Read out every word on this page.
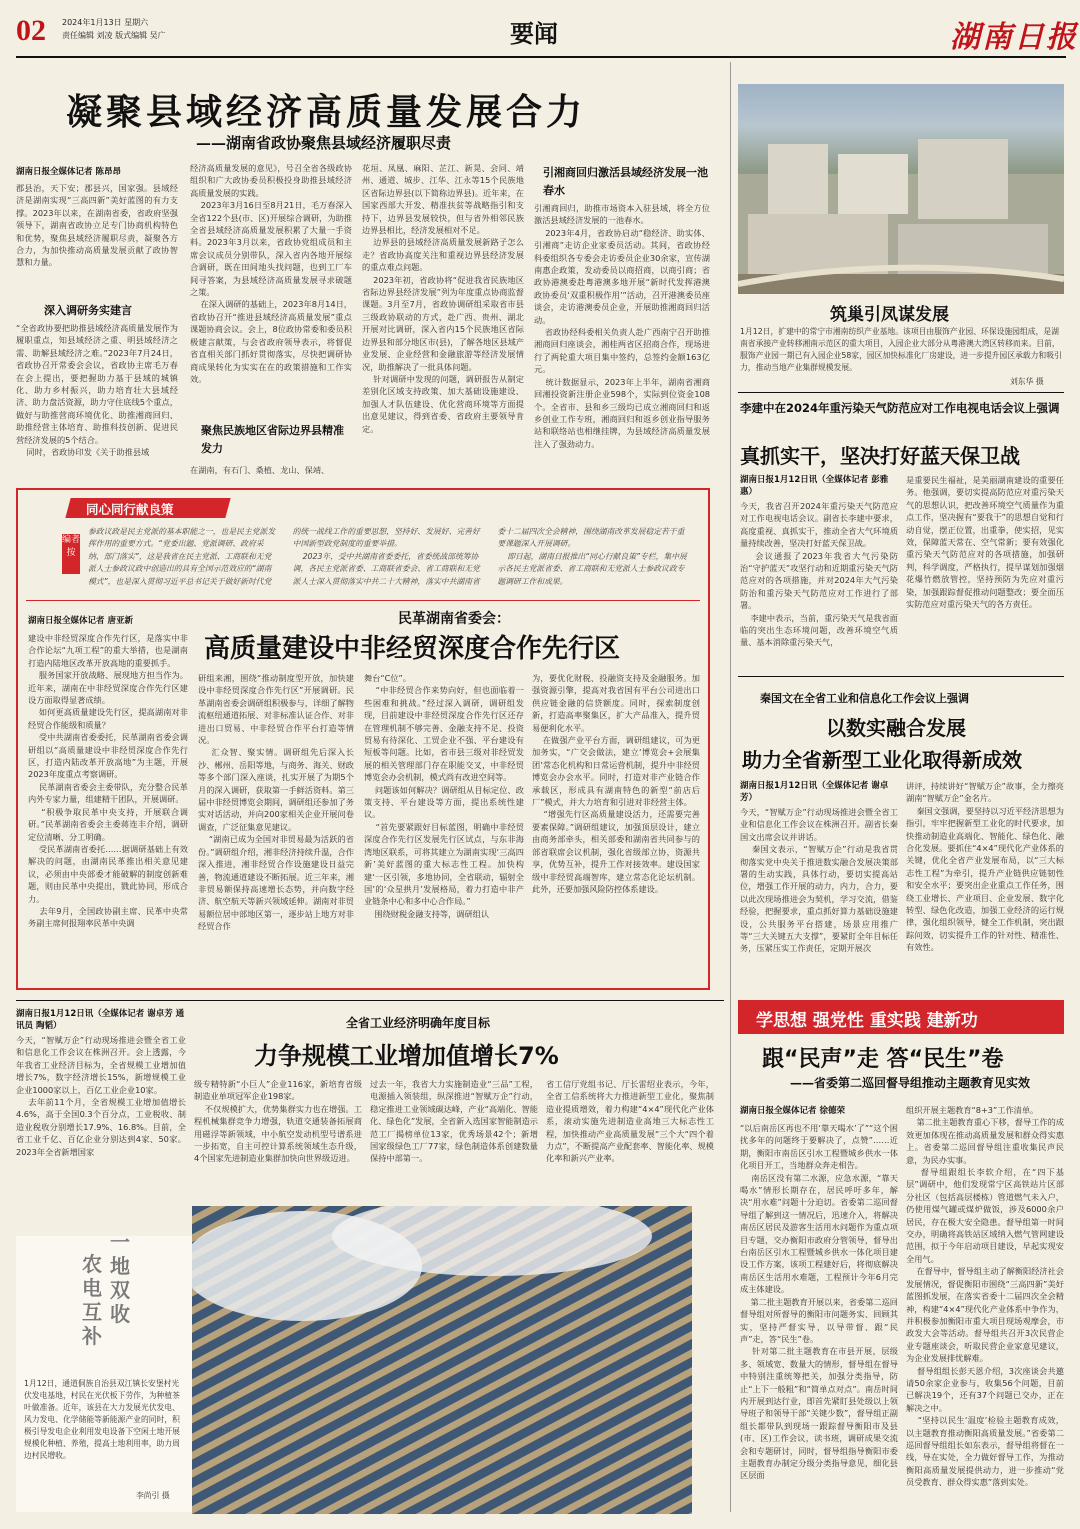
02 2024年1月13日 星期六
责任编辑 刘凌 版式编辑 吴广	要闻	湖南日报
凝聚县域经济高质量发展合力
——湖南省政协聚焦县域经济履职尽责
湖南日报全媒体记者 陈昂昂
郡县治，天下安；郡县兴，国家强。县域经济是湖南实现“三高四新”美好蓝图的有力支撑。2023年以来，在湖南省委，省政府坚强领导下，湖南省政协立足专门协商机构特色和优势，聚焦县域经济履职尽责，凝聚各方合力，为加快推动高质量发展贡献了政协智慧和力量。
深入调研务实建言
“全省政协要把助推县域经济高质量发展作为履职重点，知县域经济之重、明县域经济之需、助解县域经济之难。”2023年7月24日，省政协召开常委会会议，省政协主席毛万春在会上提出，要把握助力基于县域的城镇化、助力乡村振兴，助力培育壮大县域经济、助力盘活资源，助力守住底线5个重点，做好与助推营商环境优化、助推湘商回归、助推经营主体培育、助推科技创新、促进民营经济发展的5个结合。
同时，省政协印发《关于助推县域
经济高质量发展的意见》，号召全省各级政协组织和广大政协委员积极投身助推县域经济高质量发展的实践。
2023年3月16日至8月21日，毛万春深入全省122个县(市、区)开展综合调研，为助推全省县域经济高质量发展积累了大量一手资料。2023年3月以来，省政协党组成员和主席会议成员分别带队，深入省内各地开展综合调研，既在田间地头找问题，也到工厂车间寻答案，为县域经济高质量发展寻求破题之策。
在深入调研的基础上，2023年8月14日，省政协召开“推进县域经济高质量发展”重点课题协商会议。会上，8位政协常委和委员积极建言献策，与会省政府领导表示，将督促省直相关部门抓好贯彻落实，尽快把调研协商成果转化为实实在在的政策措施和工作实效。
聚焦民族地区省际边界县精准发力
在湖南，有石门、桑植、龙山、保靖、
花垣、凤凰、麻阳、芷江、新晃、会同、靖州、通道、城步、江华、江永等15个民族地区省际边界县(以下简称边界县)。近年来，在国家西部大开发、精准扶贫等战略指引和支持下，边界县发展较快，但与省外相邻民族边界县相比，经济发展相对不足。
边界县的县域经济高质量发展新路子怎么走？省政协高度关注和重视边界县经济发展的重点难点问题。
2023年初，省政协将“促进我省民族地区省际边界县经济发展”列为年度重点协商监督课题。3月至7月，省政协调研组采取省市县三级政协联动的方式，赴广西、贵州、湖北开展对比调研，深入省内15个民族地区省际边界县和部分地区市(县)，了解各地区县域产业发展、企业经营和金融旅游等经济发展情况，助推解决了一批具体问题。
针对调研中发现的问题，调研报告从制定差别化区域支持政策、加大基础设施建设、加强人才队伍建设、优化营商环境等方面提出意见建议，得到省委、省政府主要领导肯定。
引湘商回归激活县域经济发展一池春水
引湘商回归，助推市场资本入驻县域，将全方位激活县域经济发展的一池春水。
2023年4月，省政协启动“稳经济、助实体、引湘商”走访企业家委员活动。其间，省政协经科委组织各专委会走访委员企业30余家，宣传湖南惠企政策，发动委员以商招商，以商引商；省政协港澳委赴粤港澳多地开展“新时代发挥港澳政协委员‘双重积极作用’”活动，召开港澳委员座谈会，走访港澳委员企业，开展助推湘商回归活动。
省政协经科委相关负责人赴广西南宁召开助推湘商回归座谈会，湘桂两省区招商合作，现场进行了两轮重大项目集中签约，总签约金额163亿元。
统计数据显示，2023年上半年，湖南省湘商回湘投资新注册企业598个，实际到位资金108个。全省市、县和乡三级均已成立湘商回归和返乡创业工作专班，湘商回归和返乡创业指导服务站和联络站也相继挂牌，为县域经济高质量发展注入了强劲动力。
筑巢引凤谋发展
1月12日，扩建中的常宁市湘南纺织产业基地。该项目由服饰产业园、环保设施园组成，是湖南省承接产业转移湘南示范区的重大项目，入园企业大部分从粤港澳大湾区转移而来。目前，服饰产业园一期已有入园企业58家，园区加快标准化厂房建设，进一步提升园区承载力和吸引力，推动当地产业集群规模发展。
刘东华 摄
李建中在2024年重污染天气防范应对工作电视电话会议上强调
真抓实干，坚决打好蓝天保卫战
湖南日报1月12日讯（全媒体记者 彭雅惠）
今天，我省召开2024年重污染天气防范应对工作电视电话会议。副省长李建中要求，高度重视、真抓实干，推动全省大气环境质量持续改善，坚决打好蓝天保卫战。
会议通报了2023年我省大气污染防治“守护蓝天”攻坚行动和近期重污染天气防范应对的各项措施，并对2024年大气污染防治和重污染天气防范应对工作进行了部署。
李建中表示，当前，重污染天气是我省面临的突出生态环境问题，改善环境空气质量、基本消除重污染天气，
是重要民生福祉，是美丽湖南建设的重要任务。他强调，要切实提高防范应对重污染天气的思想认识，把改善环境空气质量作为重点工作，坚决握有“要我干”的思想自觉和行动自觉，摆正位置，出重拳，使实招，见实效，保障蓝天常在、空气常新；要有效强化重污染天气防范应对的各项措施，加强研判，科学调度，严格执行，提早谋划加强烟花爆竹燃放管控，坚持预防为先应对重污染，加强跟踪督促推动问题整改；要全面压实防范应对重污染天气的各方责任。
秦国文在全省工业和信息化工作会议上强调
以数实融合发展
助力全省新型工业化取得新成效
湖南日报1月12日讯（全媒体记者 谢卓芳）
今天，“智赋万企”行动现场推进会暨全省工业和信息化工作会议在株洲召开。副省长秦国文出席会议并讲话。
秦国文表示，“智赋万企”行动是我省贯彻落实党中央关于推进数实融合发展决策部署的生动实践，具体行动，要切实提高站位，增强工作开展的动力，内力，合力，要以此次现场推进会为契机，学习交流，借鉴经验，把握要求，重点抓好算力基础设施建设，公共服务平台搭建，场景应用推广等“三大关键五大支撑”，要紧盯全年目标任务，压紧压实工作责任，定期开展次
讲评，持续讲好“智赋万企”故事，全力擦亮湖南“智赋万企”金名片。
秦国文强调，要坚持以习近平经济思想为指引，牢牢把握新型工业化的时代要求，加快推动制造业高端化、智能化、绿色化、融合化发展。要抓住“4×4”现代化产业体系的关键，优化全省产业发展布局，以“三大标志性工程”为牵引，提升产业链供应链韧性和安全水平；要突出企业重点工作任务，围绕工业增长、产业项目、企业发展、数字化转型、绿色化改造，加强工业经济的运行规律，强化组织领导，健全工作机制，突出跟踪问效，切实提升工作的针对性、精准性、有效性。
同心同行献良策
编者按
参政议政是民主党派的基本职能之一，也是民主党派发挥作用的重要方式。“党委出题、党派调研、政府采纳、部门落实”，这是我省在民主党派、工商联和无党派人士参政议政中创造出的具有全国示范效应的“湖南模式”，也是深入贯彻习近平总书记关于做好新时代党的统一战线工作的重要思想，坚持好、发展好、完善好中国新型政党制度的重要举措。
2023年，受中共湖南省委委托，省委统战部统筹协调，各民主党派省委、工商联省委会、省工商联和无党派人士深入贯彻落实中共二十大精神，落实中共湖南省委十二届四次全会精神，围绕湖南改革发展稳定若干重要课题深入开展调研。
即日起，湖南日报推出“同心行献良策”专栏，集中展示各民主党派省委、省工商联和无党派人士参政议政专题调研工作和成果。
湖南日报全媒体记者 唐亚新	民革湖南省委会：
高质量建设中非经贸深度合作先行区
建设中非经贸深度合作先行区，是落实中非合作论坛“九项工程”的重大举措，也是湖南打造内陆地区改革开放高地的重要抓手。
服务国家开放战略、展现地方担当作为。近年来，湖南在中非经贸深度合作先行区建设方面取得显著成绩。
如何更高质量建设先行区，提高湖南对非经贸合作能级和质量？
受中共湖南省委委托，民革湖南省委会调研组以“高质量建设中非经贸深度合作先行区，打造内陆改革开放高地”为主题，开展2023年度重点考察调研。
民革湖南省委会主委带队，充分整合民革内外专家力量，组建精干团队，开展调研。
“积极争取民革中央支持，开展联合调研。”民革湖南省委会主委蒋连丰介绍，调研定位清晰、分工明确。
受民革湖南省委托……据调研基础上有效解决的问题，由湖南民革推出相关意见建议，必须由中央部委才能破解的制度创新难题，则由民革中央提出，戮此协同，形成合力。
去年9月，全国政协副主席、民革中央常务副主席何报翔率民革中央调
研组来湘，围绕“推动制度型开放，加快建设中非经贸深度合作先行区”开展调研。民革湖南省委会调研组积极参与，详细了解物流枢纽通道拓展、对非标准认证合作、对非进出口贸易、中非经贸合作平台打造等情况。
汇众智、聚实情。调研组先后深入长沙、郴州、岳阳等地，与商务、海关、财政等多个部门深入座谈，扎实开展了为期5个月的深入调研，获取第一手鲜活资料。第三届中非经贸博览会期间，调研组还参加了务实对话活动，并向200家相关企业开展问卷调查，广泛征集意见建议。
“湖南已成为全国对非贸易最为活跃的省份。”调研组介绍，湘非经济持续升温，合作深入推进，湘非经贸合作设施建设日益完善，物流通道建设不断拓展。近三年来，湘非贸易额保持高速增长态势，并向数字经济、航空航天等新兴领域延伸。湖南对非贸易额位居中部地区第一，逐步站上地方对非经贸合作
舞台“C位”。
“中非经贸合作来势向好，但也面临着一些困难和挑战。”经过深入调研，调研组发现，目前建设中非经贸深度合作先行区还存在管理机制不够完善、金融支持不足、投资贸易有待深化、工贸企业不强、平台建设有短板等问题。比如，省市县三级对非经贸发展的相关管理部门存在职能交叉，中非经贸博览会办会机制，模式尚有改进空间等。
问题该如何解决？调研组从目标定位、政策支持、平台建设等方面，提出系统性建议。
“首先要紧跟好目标蓝图，明确中非经贸深度合作先行区发展先行区试点，与东非海湾地区联系，可将其建立为湖南实现‘三高四新’美好蓝图的重大标志性工程。加快构建‘一区引领，多地协同，全省联动，辐射全国’的‘众星拱月’发展格局，着力打造中非产业链条中心和多中心合作局。”
围绕财税金融支持等，调研组认
为，要优化财税、投融资支持及金融服务。加强资源引擎，提高对我省国有平台公司进出口供应链金融的信贷额度。同时，探索制度创新，打造高率聚集区，扩大产品准入，提升贸易便利化水平。
在做强产业平台方面，调研组建议，可为更加务实，“广交会做法，建立‘博览会+会展集团’常态化机构和日常运营机制，提升中非经贸博览会办会水平。同时，打造对非产业链合作承载区，形成具有湖南特色的新型“前店后厂”模式，并大力培育和引进对非经营主体。
“增强先行区高质量建设活力，还需要完善要素保障。”调研组建议，加强顶层设计，建立由商务部牵头，相关部委和湖南省共同参与的部省联席会议机制，强化省级部立协，资源共享，优势互补，提升工作对接效率。建设国家级中非经贸高端智库，建立常态化论坛机制。此外，还要加强风险防控体系建设。
湖南日报1月12日讯（全媒体记者 谢卓芳 通讯员 陶韬）
今天，“智赋万企”行动现场推进会暨全省工业和信息化工作会议在株洲召开。会上透露，今年我省工业经济目标为，全省规模工业增加值增长7%，数字经济增长15%，新增规模工业企业1000家以上，百亿工业企业10家。
去年前11个月，全省规模工业增加值增长4.6%，高于全国0.3个百分点，工业税收、制造业税收分别增长17.9%、16.8%。目前，全省工业千亿、百亿企业分别达到4家、50家。2023年全省新增国家
全省工业经济明确年度目标
力争规模工业增加值增长7%
级专精特新“小巨人”企业116家，新培育省级制造业单项冠军企业198家。
不仅规模扩大，优势集群实力也在增强。工程机械集群竞争力增强，轨道交通装备拓展商用磁浮等新领域，中小航空发动机型号谱系进一步拓宽，自主可控计算系统领域生态升级，4个国家先进制造业集群加快向世界级迈进。
过去一年，我省大力实施制造业“三品”工程，电源插入领装组，纵深推进“智赋万企”行动，稳定推进工业领域碳达峰，产业“高端化、智能化、绿色化”发展，全省新入选国家智能制造示范工厂揭榜单位13家，优秀场景42个；新增国家级绿色工厂77家，绿色制造体系创建数量保持中部第一。
省工信厅党组书记、厅长雷绍业表示，今年，全省工信系统将大力推进新型工业化，聚焦制造业提质增效，着力构建“4×4”现代化产业体系，滚动实施先进制造业高地三大标志性工程，加快推动产业高质量发展“三个大“四个着力点”，不断提高产业配套率、智能化率、规模化率和新兴产业率。
农电互补
一地双收
1月12日，通道侗族自治县双江镇长安堡村光伏发电基地，村民在光伏板下劳作，为种植茶叶做准备。近年，该县在大力发展光伏发电、风力发电、化学储能等新能源产业的同时，积极引导发电企业利用发电设备下空闲土地开展规模化种植、养殖，提高土地利用率，助力周边村民增收。
李尚引 摄
学思想 强党性 重实践 建新功
跟“民声”走 答“民生”卷
——省委第二巡回督导组推动主题教育见实效
湖南日报全媒体记者 徐德荣
“以后南岳区再也不用‘靠天喝水’了”“这个困扰多年的问题终于要解决了，点赞”……近期，衡阳市南岳区引水工程暨城乡供水一体化项目开工，当地群众奔走相告。
南岳区没有第二水源，应急水源，“靠天喝水”情形长期存在，居民呼吁多年，解决“用水难”问题十分迫切。省委第二巡回督导组了解到这一情况后，迅速介入，将解决南岳区居民及游客生活用水问题作为重点项目专题，交办衡阳市政府分管领导，督导出台南岳区引水工程暨城乡供水一体化项目建设工作方案，该项工程建好后，将彻底解决南岳区生活用水难题，工程预计今年6月完成主体建设。
第二批主题教育开展以来，省委第二巡回督导组对所督导的衡阳市问题务实、回顾其实，坚持严督实导，以导带督、跟“民声”走，答“民生”卷。
针对第二批主题教育在市县开展，层级多、领域宽、数量大的情形，督导组在督导中特别注重统筹把关，加强分类指导，防止“上下一般粗”和“简单点对点”。南岳时间内开展到达行业，即首先紧盯县处级以上领导班子和领导干部“关键少数”，督导组正副组长都带队到现场一跟踪督导衡阳市及县(市、区)工作会议，读书班，调研成果交流会和专题研讨，同时，督导组指导衡阳市委主题教育办制定分级分类指导意见，细化县区层面
组织开展主题教育“8+3”工作清单。
第二批主题教育重心下移，督导工作的成效更加体现在推动高质量发展和群众得实惠上。省委第二巡回督导组注重收集民声民意，为民办实事。
督导组跟组长李软介绍，在“四下基层”调研中，他们发现常宁区高铁站片区部分社区（包括高层楼栋）管道燃气未入户，仍使用煤气罐或煤炉做饭，涉及6000余户居民，存在极大安全隐患。督导组第一时间交办，明确将高铁站区域纳入燃气管网建设范围，拟于今年启动项目建设，早起实现安全用气。
在督导中，督导组主动了解衡阳经济社会发展情况，督促衡阳市围绕“三高四新”美好蓝图抓发展，在落实省委十二届四次全会精神，构建“4×4”现代化产业体系中争作为，并积极参加衡阳市重大项目现场观摩会，市政发大会等活动。督导组共召开3次民营企业专题座谈会，听取民营企业家意见建议，为企业发展排忧解难。
督导组组长彭天恩介绍，3次座谈会共邀请50余家企业参与，收集56个问题，目前已解决19个，还有37个问题已交办，正在解决之中。
“坚持以民生‘温度’检验主题教育成效，以主题教育推动衡阳高质量发展。”省委第二巡回督导组组长如东表示，督导组将督在一线，导在实处，全力做好督导工作，为推动衡阳高质量发展提供动力，进一步推动“党员受教育、群众得实惠”落到实处。
